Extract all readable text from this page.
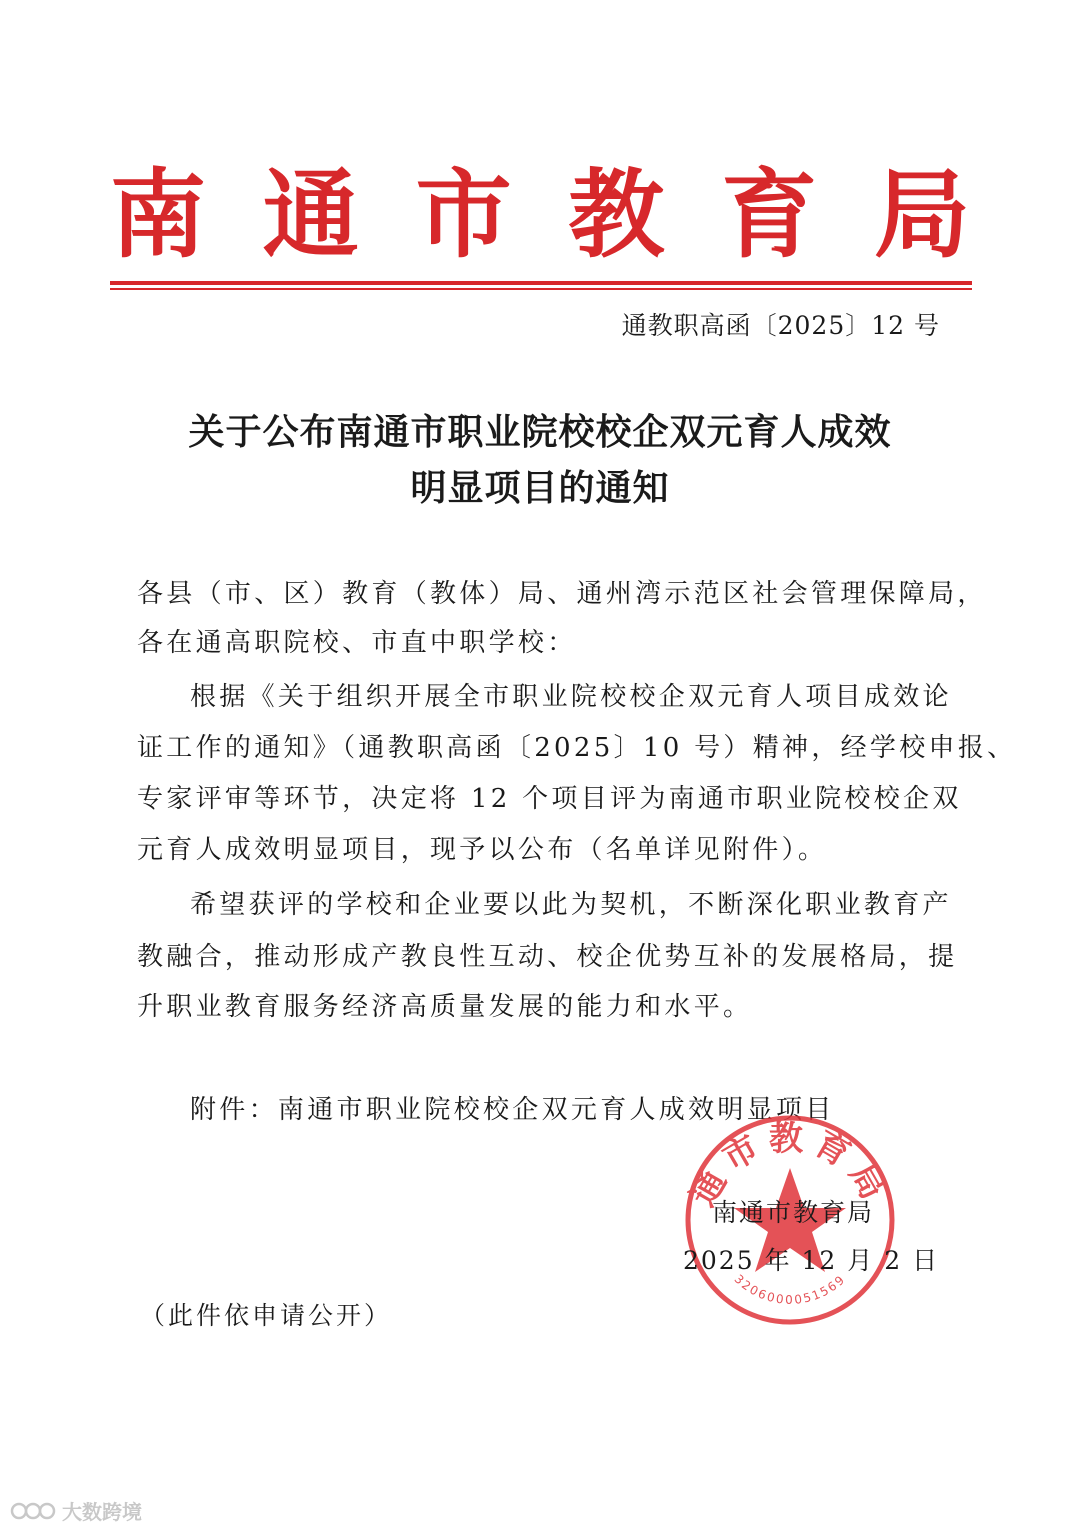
南 通 市 教 育 局
通教职高函〔2025〕12 号
关于公布南通市职业院校校企双元育人成效
明显项目的通知
各县（市、区）教育（教体）局、通州湾示范区社会管理保障局，
各在通高职院校、市直中职学校：
根据《关于组织开展全市职业院校校企双元育人项目成效论
证工作的通知》（通教职高函〔2025〕10 号）精神，经学校申报、
专家评审等环节，决定将 12 个项目评为南通市职业院校校企双
元育人成效明显项目，现予以公布（名单详见附件）。
希望获评的学校和企业要以此为契机，不断深化职业教育产
教融合，推动形成产教良性互动、校企优势互补的发展格局，提
升职业教育服务经济高质量发展的能力和水平。
附件：南通市职业院校校企双元育人成效明显项目
通市教育局
3206000051569
南通市教育局
2025 年 12 月 2 日
（此件依申请公开）
大数跨境
